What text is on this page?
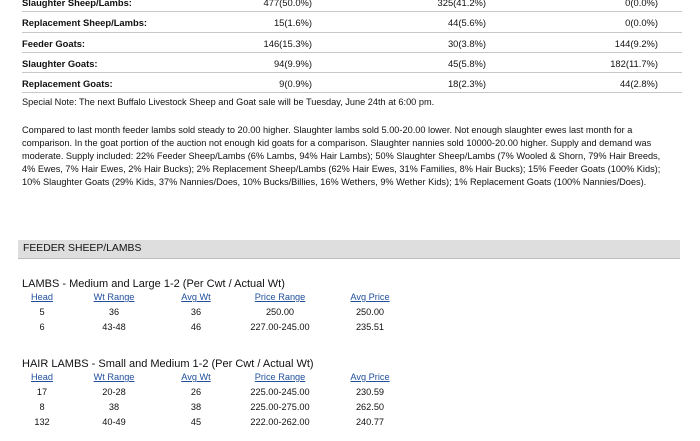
Slaughter Sheep/Lambs:	477(50.0%)	325(41.2%)	0(0.0%)
Replacement Sheep/Lambs:	15(1.6%)	44(5.6%)	0(0.0%)
Feeder Goats:	146(15.3%)	30(3.8%)	144(9.2%)
Slaughter Goats:	94(9.9%)	45(5.8%)	182(11.7%)
Replacement Goats:	9(0.9%)	18(2.3%)	44(2.8%)
Special Note: The next Buffalo Livestock Sheep and Goat sale will be Tuesday, June 24th at 6:00 pm.
Compared to last month feeder lambs sold steady to 20.00 higher. Slaughter lambs sold 5.00-20.00 lower. Not enough slaughter ewes last month for a comparison. In the goat portion of the auction not enough kid goats for a comparison. Slaughter nannies sold 10000-20.00 higher. Supply and demand was moderate. Supply included: 22% Feeder Sheep/Lambs (6% Lambs, 94% Hair Lambs); 50% Slaughter Sheep/Lambs (7% Wooled & Shorn, 79% Hair Breeds, 4% Ewes, 7% Hair Ewes, 2% Hair Bucks); 2% Replacement Sheep/Lambs (62% Hair Ewes, 31% Families, 8% Hair Bucks); 15% Feeder Goats (100% Kids); 10% Slaughter Goats (29% Kids, 37% Nannies/Does, 10% Bucks/Billies, 16% Wethers, 9% Wether Kids); 1% Replacement Goats (100% Nannies/Does).
FEEDER SHEEP/LAMBS
LAMBS - Medium and Large 1-2 (Per Cwt / Actual Wt)
Head	Wt Range	Avg Wt	Price Range	Avg Price
5	36	36	250.00	250.00
6	43-48	46	227.00-245.00	235.51
HAIR LAMBS - Small and Medium 1-2 (Per Cwt / Actual Wt)
Head	Wt Range	Avg Wt	Price Range	Avg Price
17	20-28	26	225.00-245.00	230.59
8	38	38	225.00-275.00	262.50
132	40-49	45	222.00-262.00	240.77
